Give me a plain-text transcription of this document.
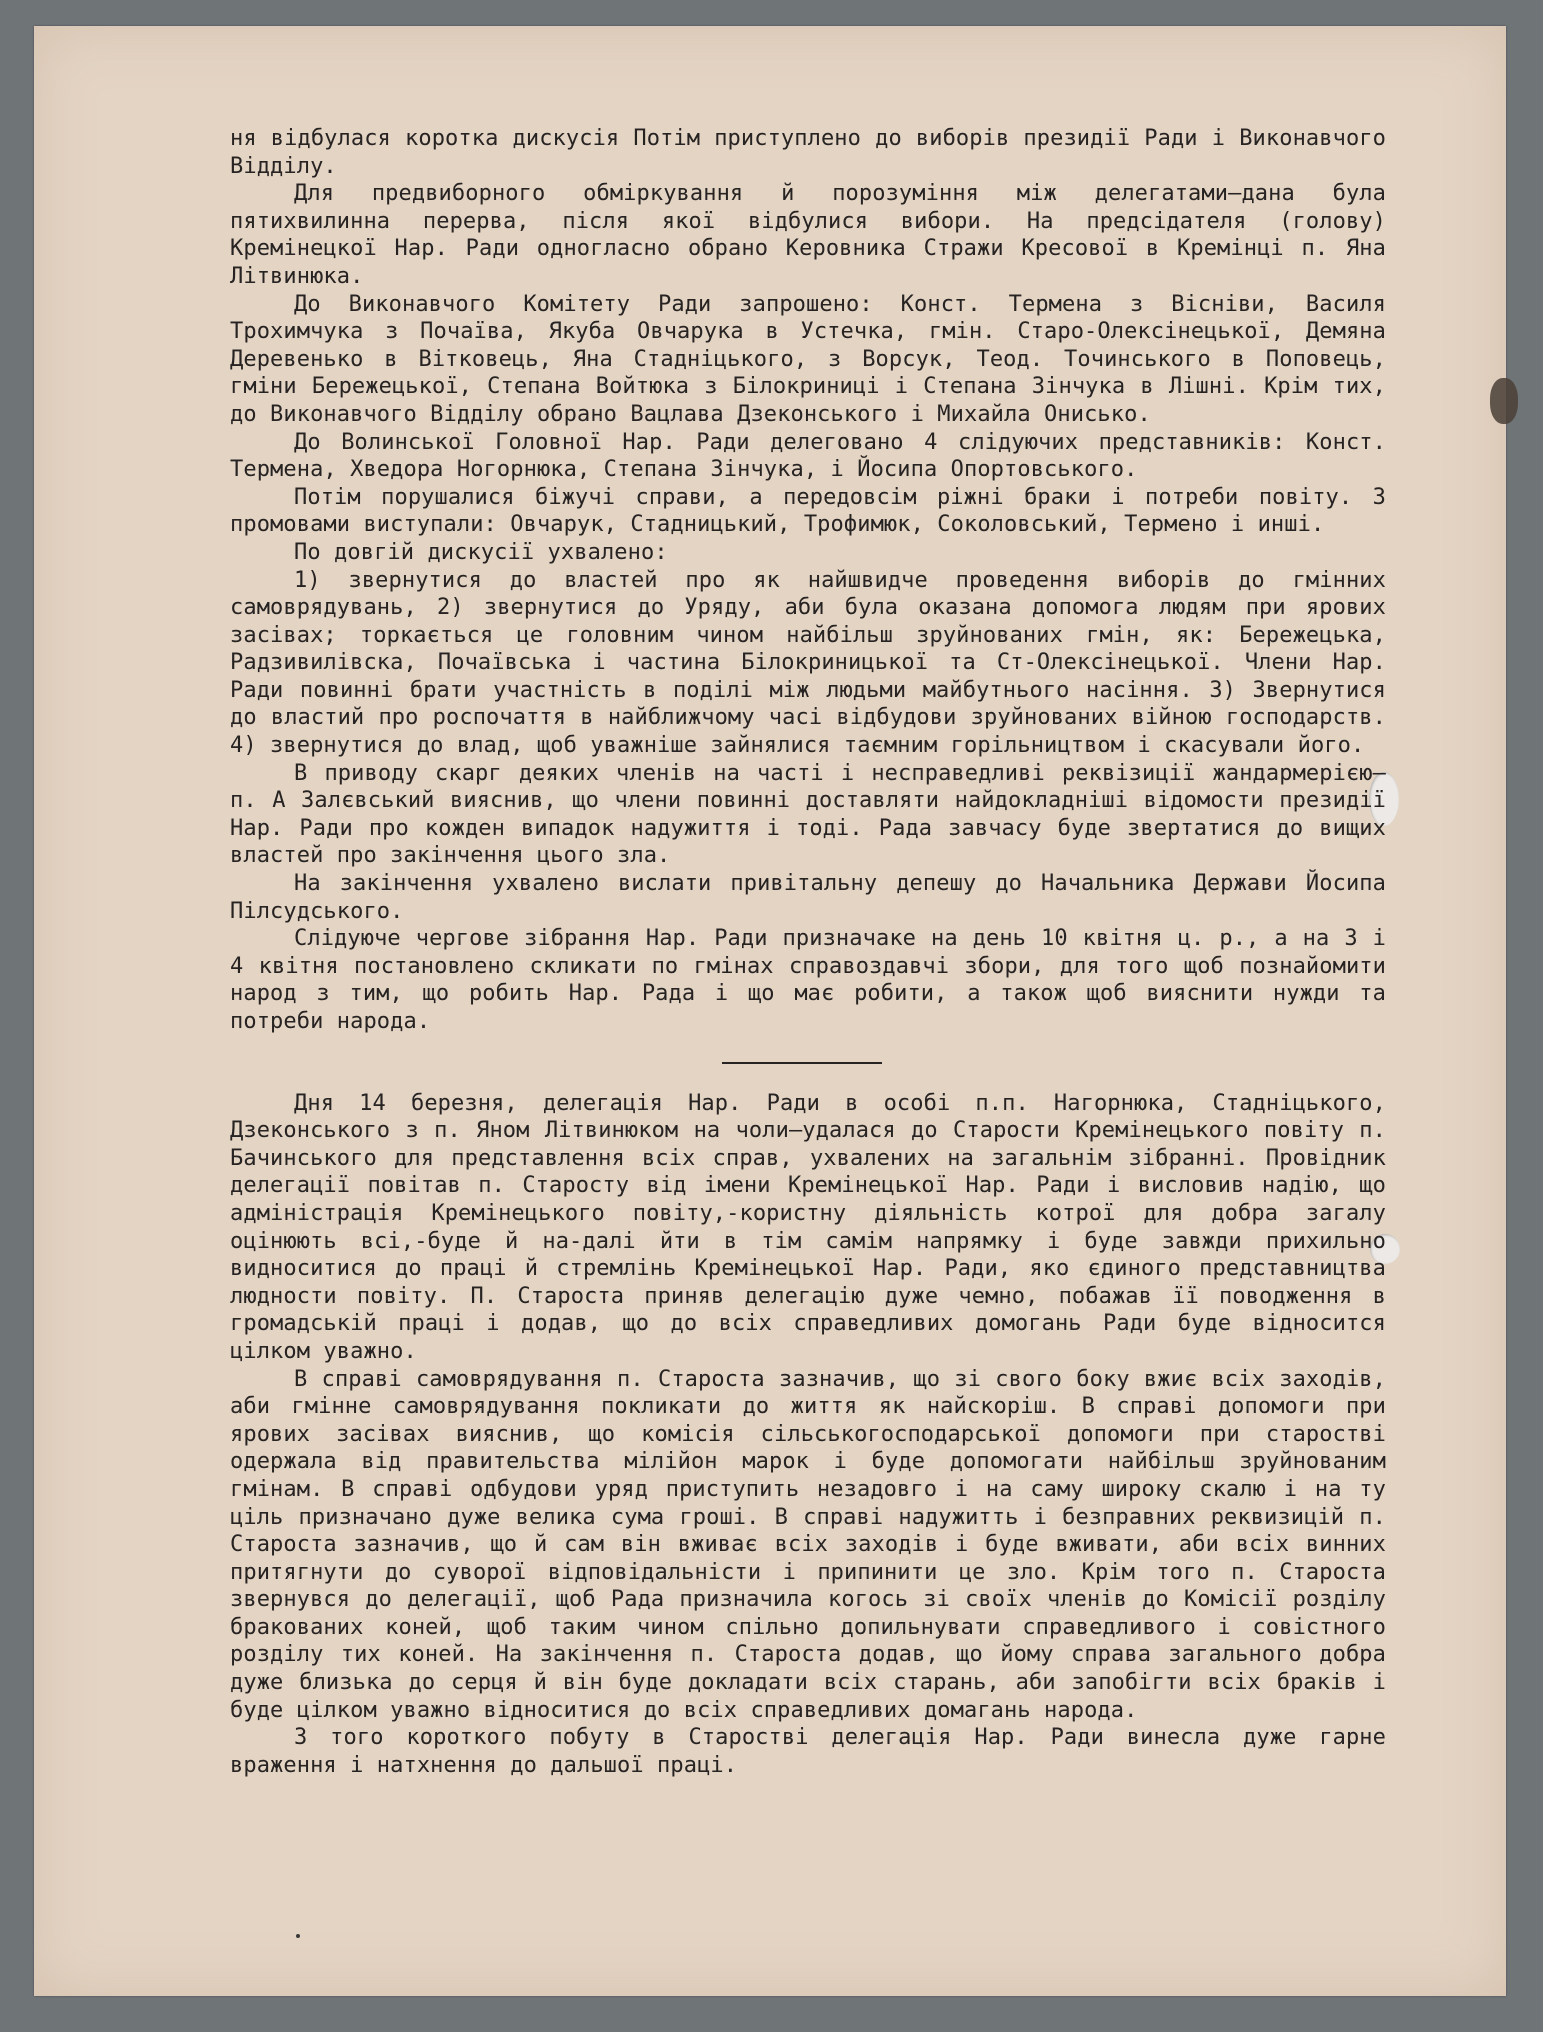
ня відбулася коротка дискусія Потім приступлено до виборів президії Ради і Виконавчого Відділу.

Для предвиборного обміркування й порозуміння між делегатами—дана була пятихвилинна перерва, після якої відбулися вибори. На предсідателя (голову) Кремінецкої Нар. Ради одногласно обрано Керовника Стражи Кресової в Кремінці п. Яна Літвинюка.

До Виконавчого Комітету Ради запрошено: Конст. Термена з Вісніви, Василя Трохимчука з Почаїва, Якуба Овчарука в Устечка, гмін. Старо-Олексінецької, Демяна Деревенько в Вітковець, Яна Стадніцького, з Ворсук, Теод. Точинського в Поповець, гміни Бережецької, Степана Войтюка з Білокриниці і Степана Зінчука в Лішні. Крім тих, до Виконавчого Відділу обрано Вацлава Дзеконського і Михайла Онисько.

До Волинської Головної Нар. Ради делеговано 4 слідуючих представників: Конст. Термена, Хведора Ногорнюка, Степана Зінчука, і Йосипа Опортовського.

Потім порушалися біжучі справи, а передовсім ріжні браки і потреби повіту. З промовами виступали: Овчарук, Стадницький, Трофимюк, Соколовський, Термено і инші.

По довгій дискусії ухвалено:

1) звернутися до властей про як найшвидче проведення виборів до гмінних самоврядувань, 2) звернутися до Уряду, аби була оказана допомога людям при ярових засівах; торкається це головним чином найбільш зруйнованих гмін, як: Бережецька, Радзивилівска, Почаївська і частина Білокриницької та Ст-Олексінецької. Члени Нар. Ради повинні брати участність в поділі між людьми майбутнього насіння. 3) Звернутися до властий про роспочаття в найближчому часі відбудови зруйнованих війною господарств. 4) звернутися до влад, щоб уважніше зайнялися таємним горільництвом і скасували його.

В приводу скарг деяких членів на часті і несправедливі реквізиції жандармерією— п. А Залєвський вияснив, що члени повинні доставляти найдокладніші відомости президії Нар. Ради про кожден випадок надужиття і тоді. Рада завчасу буде звертатися до вищих властей про закінчення цього зла.

На закінчення ухвалено вислати привітальну депешу до Начальника Держави Йосипа Пілсудського.

Слідуюче чергове зібрання Нар. Ради призначаке на день 10 квітня ц. р., а на 3 і 4 квітня постановлено скликати по гмінах справоздавчі збори, для того щоб познайомити народ з тим, що робить Нар. Рада і що має робити, а також щоб вияснити нужди та потреби народа.

Дня 14 березня, делегація Нар. Ради в особі п.п. Нагорнюка, Стадніцького, Дзеконського з п. Яном Літвинюком на чоли—удалася до Старости Кремінецького повіту п. Бачинського для представлення всіх справ, ухвалених на загальнім зібранні. Провідник делегації повітав п. Старосту від імени Кремінецької Нар. Ради і висловив надію, що адміністрація Кремінецького повіту,-користну діяльність котрої для добра загалу оцінюють всі,-буде й на-далі йти в тім самім напрямку і буде завжди прихильно видноситися до праці й стремлінь Кремінецької Нар. Ради, яко єдиного представництва людности повіту. П. Староста приняв делегацію дуже чемно, побажав її поводження в громадській праці і додав, що до всіх справедливих домогань Ради буде відносится цілком уважно.

В справі самоврядування п. Староста зазначив, що зі свого боку вжиє всіх заходів, аби гмінне самоврядування покликати до життя як найскоріш. В справі допомоги при ярових засівах вияснив, що комісія сільськогосподарської допомоги при старостві одержала від правительства мілійон марок і буде допомогати найбільш зруйнованим гмінам. В справі одбудови уряд приступить незадовго і на саму широку скалю і на ту ціль призначано дуже велика сума гроші. В справі надужитть і безправних реквизицій п. Староста зазначив, що й сам він вживає всіх заходів і буде вживати, аби всіх винних притягнути до суворої відповідальністи і припинити це зло. Крім того п. Староста звернувся до делегації, щоб Рада призначила когось зі своїх членів до Комісії розділу бракованих коней, щоб таким чином спільно допильнувати справедливого і совістного розділу тих коней. На закінчення п. Староста додав, що йому справа загального добра дуже близька до серця й він буде докладати всіх старань, аби запобігти всіх браків і буде цілком уважно відноситися до всіх справедливих домагань народа.

З того короткого побуту в Старостві делегація Нар. Ради винесла дуже гарне враження і натхнення до дальшої праці.
